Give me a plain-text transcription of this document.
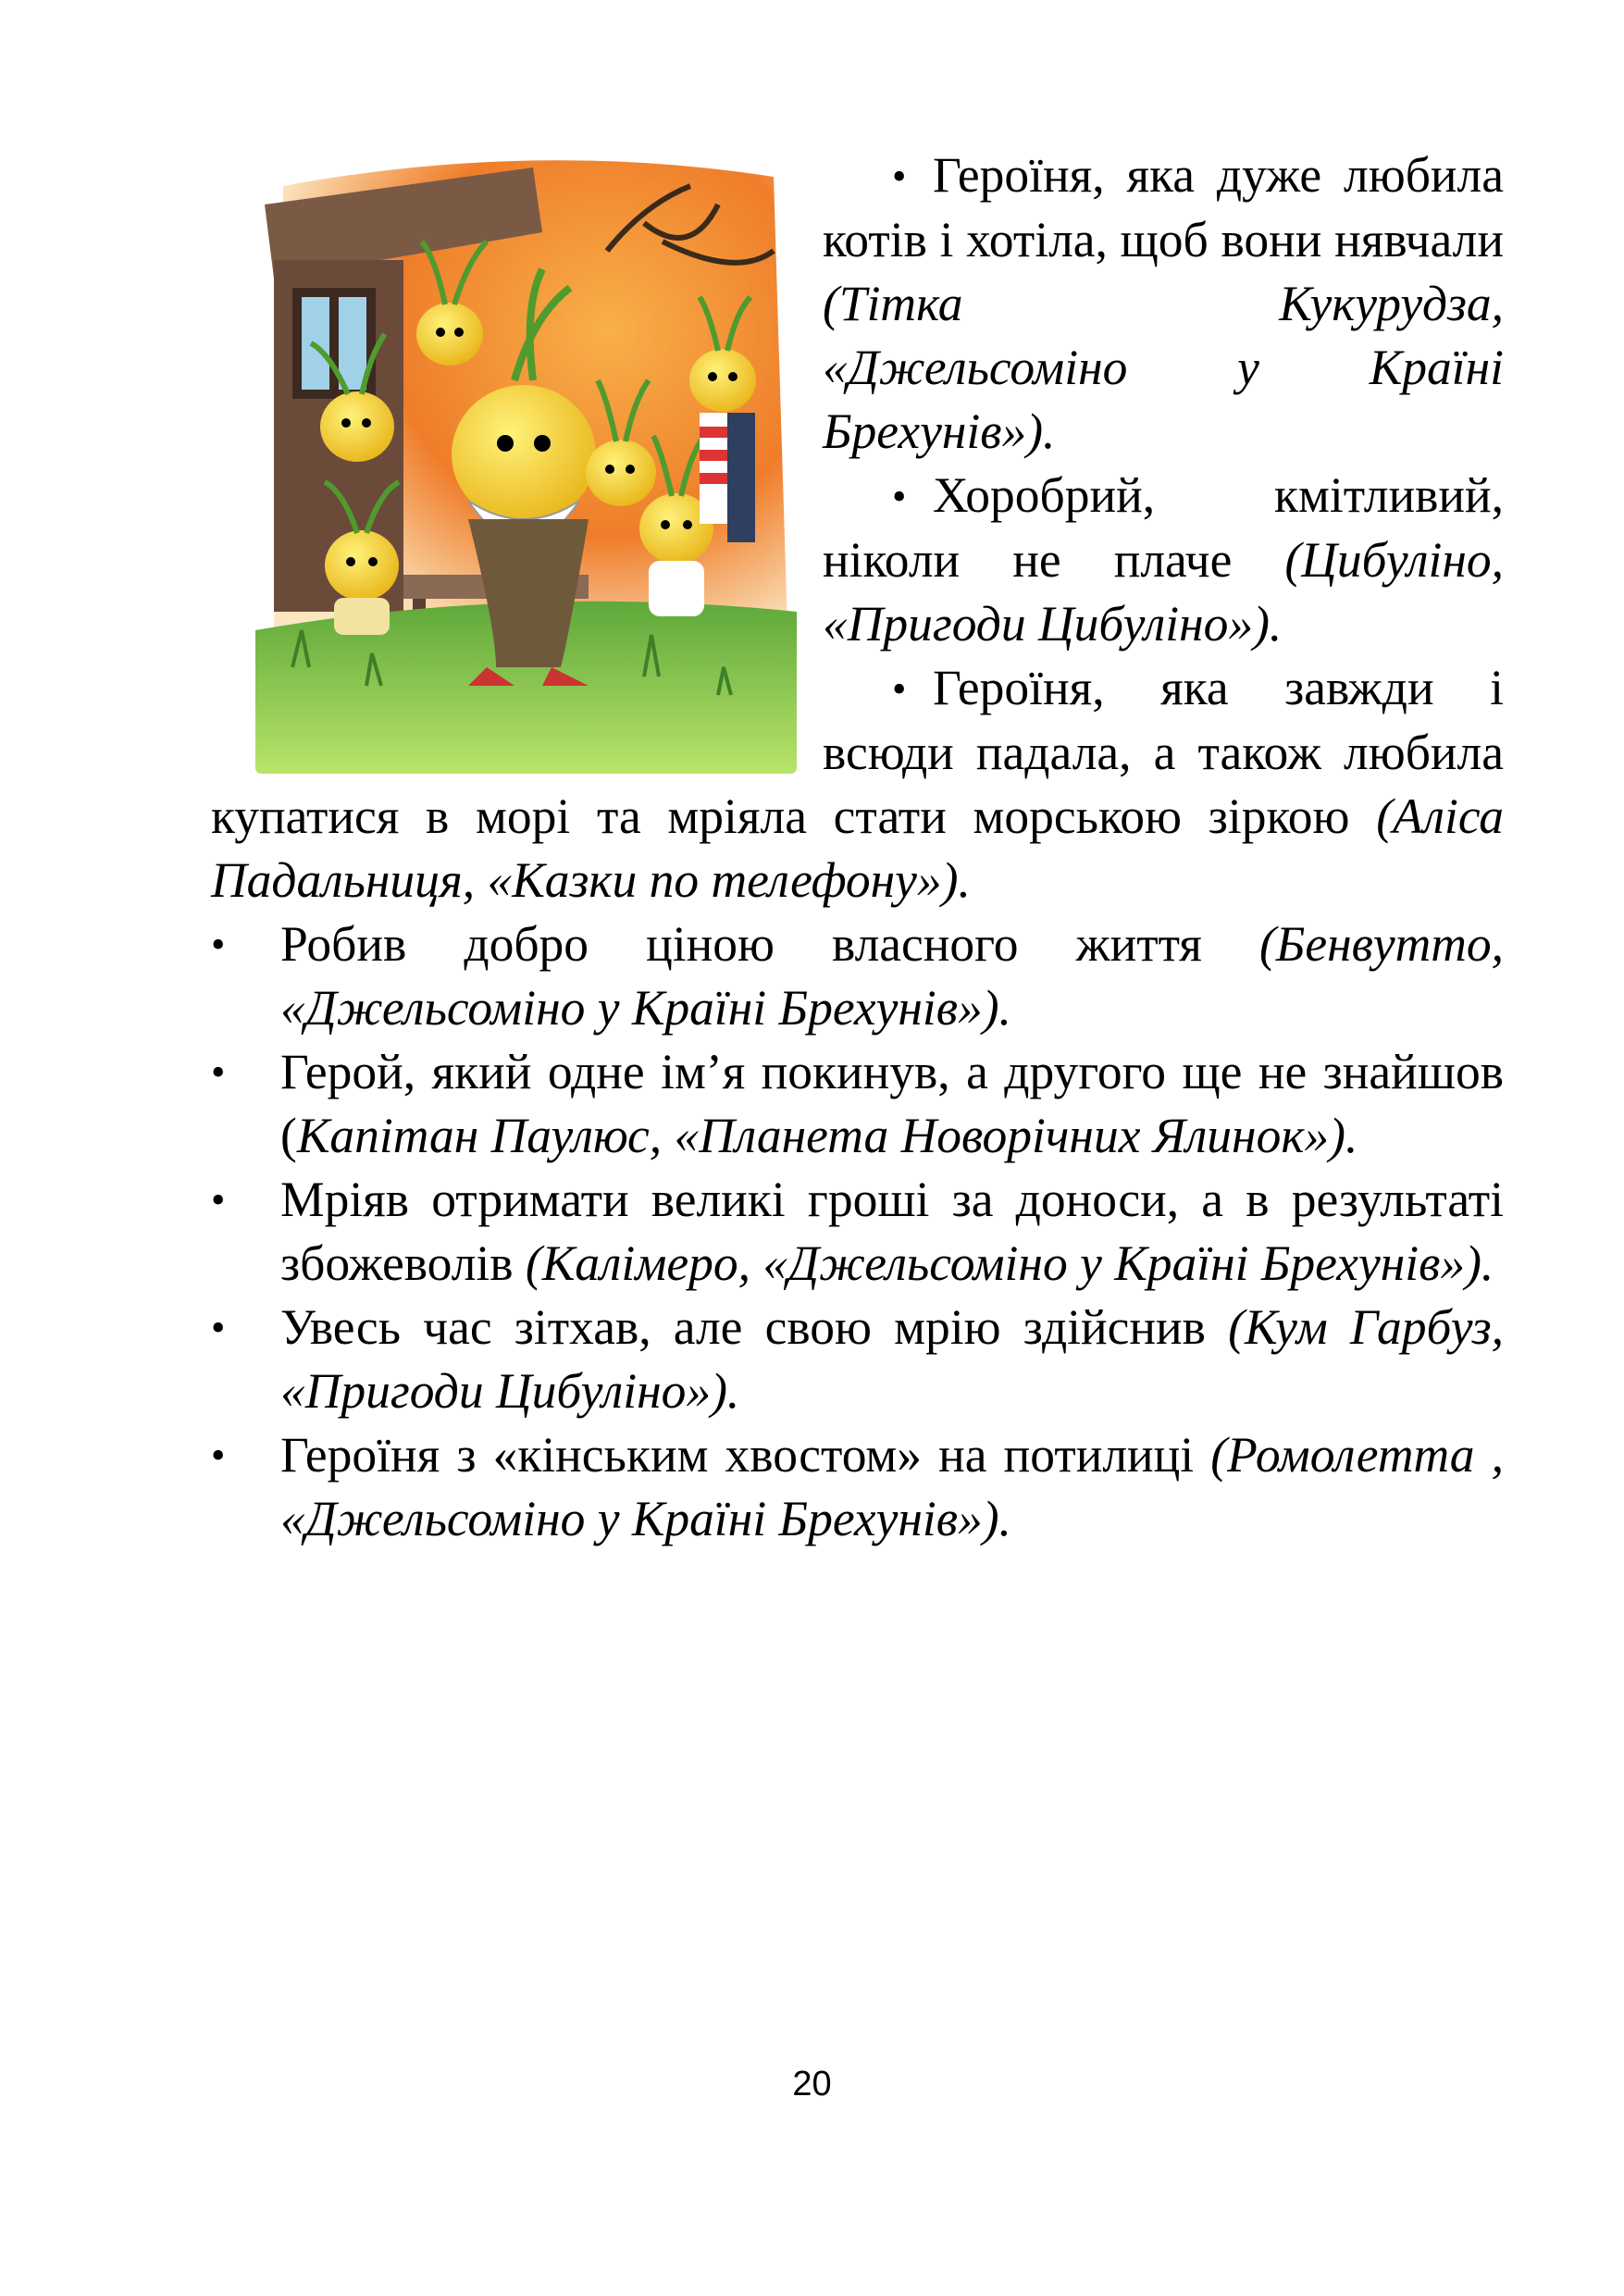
• Героїня, яка дуже любила котів і хотіла, щоб вони нявчали (Тітка Кукурудза, «Джельсоміно у Країні Брехунів»).

• Хоробрий, кмітливий, ніколи не плаче (Цибуліно, «Пригоди Цибуліно»).

• Героїня, яка завжди і всюди падала, а також любила купатися в морі та мріяла стати морською зіркою (Аліса Падальниця, «Казки по телефону»).

•	Робив добро ціною власного життя (Бенвутто, «Джельсоміно у Країні Брехунів»).
•	Герой, який одне ім’я покинув, а другого ще не знайшов (Капітан Паулюс, «Планета Новорічних Ялинок»).
•	Мріяв отримати великі гроші за доноси, а в результаті збожеволів (Калімеро, «Джельсоміно у Країні Брехунів»).
•	Увесь час зітхав, але свою мрію здійснив (Кум Гарбуз, «Пригоди Цибуліно»).
•	Героїня з «кінським хвостом» на потилиці (Ромолетта , «Джельсоміно у Країні Брехунів»).
20
